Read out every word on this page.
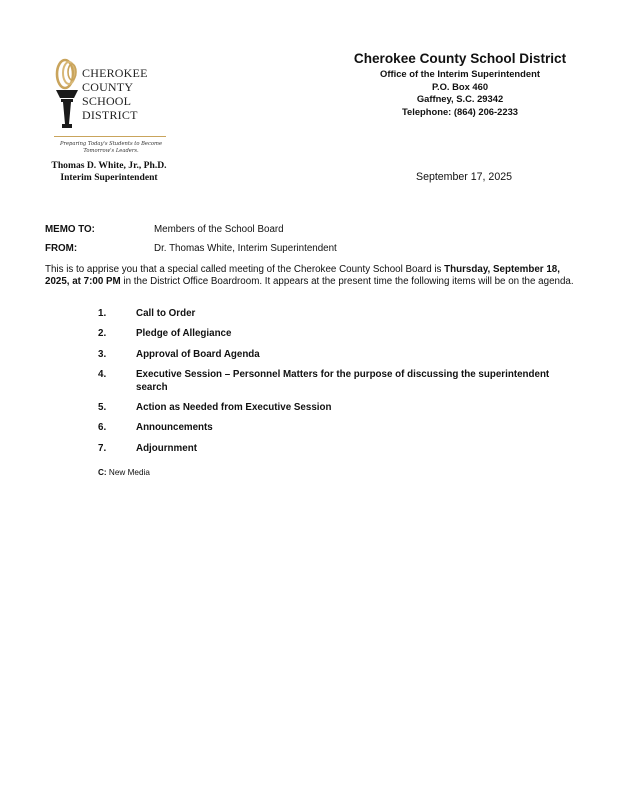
CHEROKEE
COUNTY
SCHOOL
DISTRICT
Preparing Today's Students to Become
Tomorrow's Leaders.
Thomas D. White, Jr., Ph.D.
Interim Superintendent
Cherokee County School District
Office of the Interim Superintendent
P.O. Box 460
Gaffney, S.C. 29342
Telephone: (864) 206-2233
September 17, 2025
MEMO TO:	Members of the School Board
FROM:	Dr. Thomas White, Interim Superintendent
This is to apprise you that a special called meeting of the Cherokee County School Board is Thursday, September 18, 2025, at 7:00 PM in the District Office Boardroom. It appears at the present time the following items will be on the agenda.
1.	Call to Order
2.	Pledge of Allegiance
3.	Approval of Board Agenda
4.	Executive Session – Personnel Matters for the purpose of discussing the superintendent search
5.	Action as Needed from Executive Session
6.	Announcements
7.	Adjournment
C: New Media
